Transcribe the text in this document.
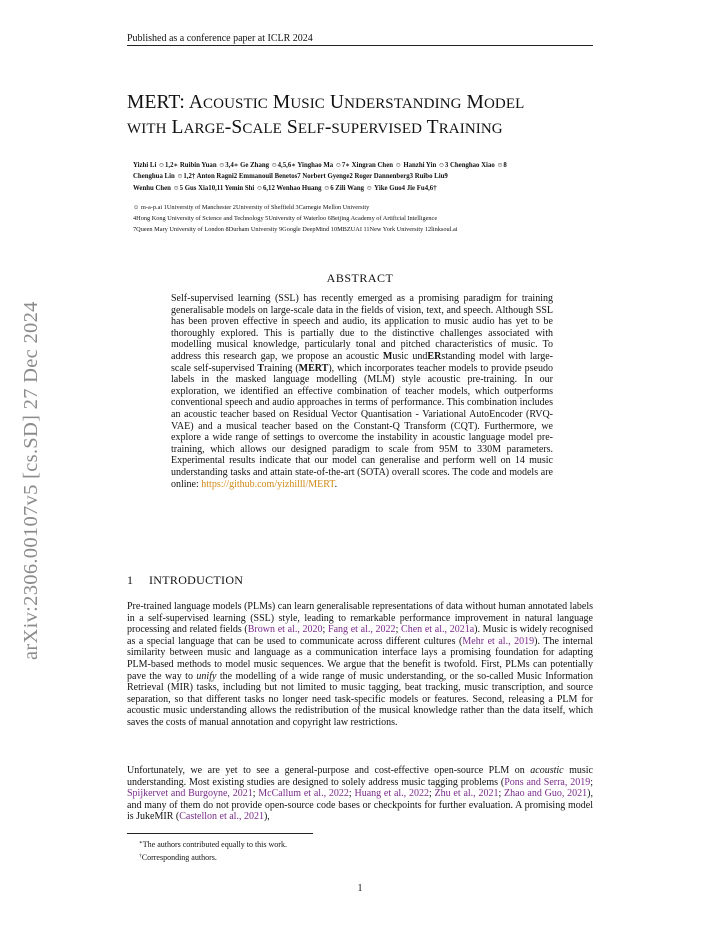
Published as a conference paper at ICLR 2024
arXiv:2306.00107v5 [cs.SD] 27 Dec 2024
MERT: ACOUSTIC MUSIC UNDERSTANDING MODEL
WITH LARGE-SCALE SELF-SUPERVISED TRAINING
Yizhi Li ☺1,2∗ Ruibin Yuan ☺3,4∗ Ge Zhang ☺4,5,6∗ Yinghao Ma ☺7∗ Xingran Chen ☺ Hanzhi Yin ☺3 Chenghao Xiao ☺8
Chenghua Lin ☺1,2† Anton Ragni2 Emmanouil Benetos7 Norbert Gyenge2 Roger Dannenberg3 Ruibo Liu9
Wenhu Chen ☺5 Gus Xia10,11 Yemin Shi ☺6,12 Wenhao Huang ☺6 Zili Wang ☺ Yike Guo4 Jie Fu4,6†
☺ m-a-p.ai 1University of Manchester 2University of Sheffield 3Carnegie Mellon University
4Hong Kong University of Science and Technology 5University of Waterloo 6Beijing Academy of Artificial Intelligence
7Queen Mary University of London 8Durham University 9Google DeepMind 10MBZUAI 11New York University 12linksoul.ai
ABSTRACT
Self-supervised learning (SSL) has recently emerged as a promising paradigm for training generalisable models on large-scale data in the fields of vision, text, and speech. Although SSL has been proven effective in speech and audio, its application to music audio has yet to be thoroughly explored. This is partially due to the distinctive challenges associated with modelling musical knowledge, particularly tonal and pitched characteristics of music. To address this research gap, we propose an acoustic Music undERstanding model with large-scale self-supervised Training (MERT), which incorporates teacher models to provide pseudo labels in the masked language modelling (MLM) style acoustic pre-training. In our exploration, we identified an effective combination of teacher models, which outperforms conventional speech and audio approaches in terms of performance. This combination includes an acoustic teacher based on Residual Vector Quantisation - Variational AutoEncoder (RVQ-VAE) and a musical teacher based on the Constant-Q Transform (CQT). Furthermore, we explore a wide range of settings to overcome the instability in acoustic language model pre-training, which allows our designed paradigm to scale from 95M to 330M parameters. Experimental results indicate that our model can generalise and perform well on 14 music understanding tasks and attain state-of-the-art (SOTA) overall scores. The code and models are online: https://github.com/yizhilll/MERT.
1 INTRODUCTION
Pre-trained language models (PLMs) can learn generalisable representations of data without human annotated labels in a self-supervised learning (SSL) style, leading to remarkable performance improvement in natural language processing and related fields (Brown et al., 2020; Fang et al., 2022; Chen et al., 2021a). Music is widely recognised as a special language that can be used to communicate across different cultures (Mehr et al., 2019). The internal similarity between music and language as a communication interface lays a promising foundation for adapting PLM-based methods to model music sequences. We argue that the benefit is twofold. First, PLMs can potentially pave the way to unify the modelling of a wide range of music understanding, or the so-called Music Information Retrieval (MIR) tasks, including but not limited to music tagging, beat tracking, music transcription, and source separation, so that different tasks no longer need task-specific models or features. Second, releasing a PLM for acoustic music understanding allows the redistribution of the musical knowledge rather than the data itself, which saves the costs of manual annotation and copyright law restrictions.
Unfortunately, we are yet to see a general-purpose and cost-effective open-source PLM on acoustic music understanding. Most existing studies are designed to solely address music tagging problems (Pons and Serra, 2019; Spijkervet and Burgoyne, 2021; McCallum et al., 2022; Huang et al., 2022; Zhu et al., 2021; Zhao and Guo, 2021), and many of them do not provide open-source code bases or checkpoints for further evaluation. A promising model is JukeMIR (Castellon et al., 2021),
∗The authors contributed equally to this work.
†Corresponding authors.
1
